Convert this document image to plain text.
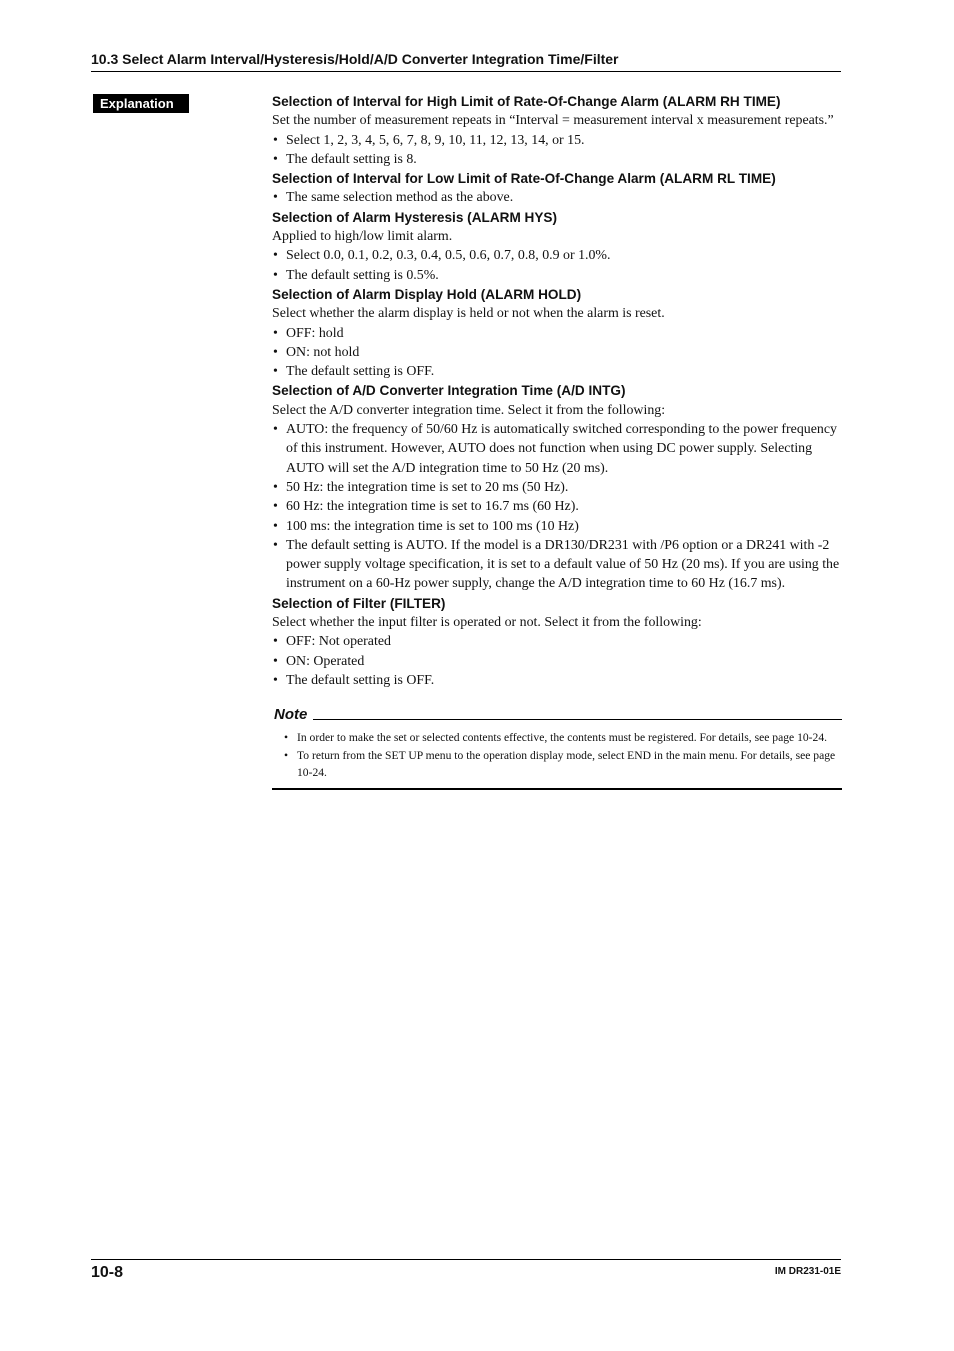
10.3 Select Alarm Interval/Hysteresis/Hold/A/D Converter Integration Time/Filter
Explanation	Selection of Interval for High Limit of Rate-Of-Change Alarm (ALARM RH TIME)

Set the number of measurement repeats in “Interval = measurement interval x measurement repeats.”

• Select 1, 2, 3, 4, 5, 6, 7, 8, 9, 10, 11, 12, 13, 14, or 15.
• The default setting is 8.
Selection of Interval for Low Limit of Rate-Of-Change Alarm (ALARM RL TIME)
• The same selection method as the above.
Selection of Alarm Hysteresis (ALARM HYS)

Applied to high/low limit alarm.

• Select 0.0, 0.1, 0.2, 0.3, 0.4, 0.5, 0.6, 0.7, 0.8, 0.9 or 1.0%.
• The default setting is 0.5%.
Selection of Alarm Display Hold (ALARM HOLD)

Select whether the alarm display is held or not when the alarm is reset.

• OFF: hold
• ON: not hold
• The default setting is OFF.
Selection of A/D Converter Integration Time (A/D INTG)

Select the A/D converter integration time. Select it from the following:

• AUTO: the frequency of 50/60 Hz is automatically switched corresponding to the power frequency of this instrument. However, AUTO does not function when using DC power supply. Selecting AUTO will set the A/D integration time to 50 Hz (20 ms).
• 50 Hz: the integration time is set to 20 ms (50 Hz).
• 60 Hz: the integration time is set to 16.7 ms (60 Hz).
• 100 ms: the integration time is set to 100 ms (10 Hz)
• The default setting is AUTO. If the model is a DR130/DR231 with /P6 option or a DR241 with -2 power supply voltage specification, it is set to a default value of 50 Hz (20 ms). If you are using the instrument on a 60-Hz power supply, change the A/D integration time to 60 Hz (16.7 ms).
Selection of Filter (FILTER)

Select whether the input filter is operated or not. Select it from the following:

• OFF: Not operated
• ON: Operated
• The default setting is OFF.
Note
• In order to make the set or selected contents effective, the contents must be registered. For details, see page 10-24.
• To return from the SET UP menu to the operation display mode, select END in the main menu. For details, see page 10-24.
10-8	IM DR231-01E
